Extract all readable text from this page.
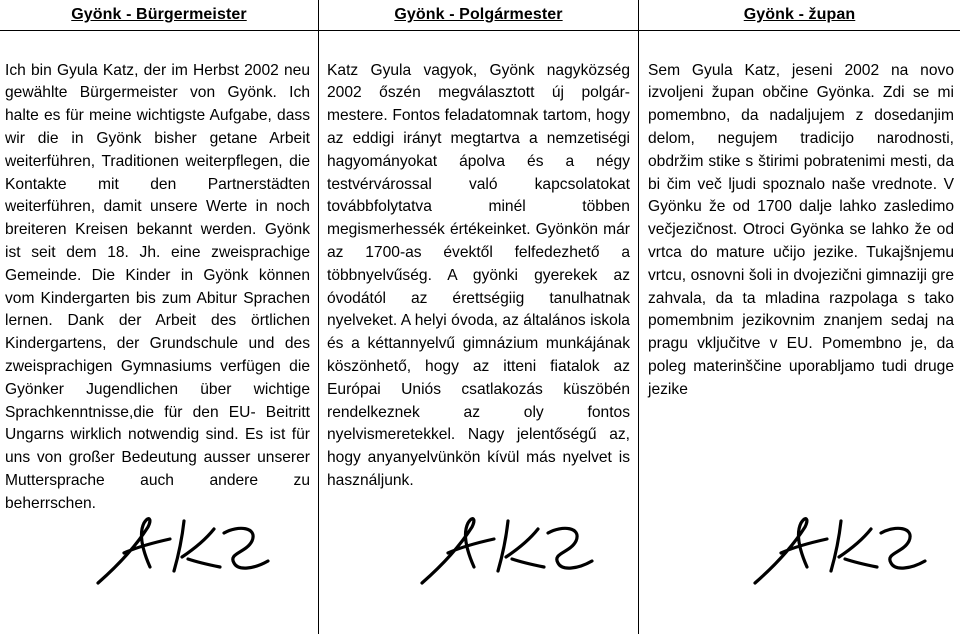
Gyönk - Bürgermeister

Ich bin Gyula Katz, der im Herbst 2002 neu gewählte Bürgermeister von Gyönk. Ich halte es für meine wichtigste Aufgabe, dass wir die in Gyönk bisher getane Arbeit weiterführen, Traditionen weiterpflegen, die Kontakte mit den Partnerstädten weiterführen, damit unsere Werte in noch breiteren Kreisen bekannt werden. Gyönk ist seit dem 18. Jh. eine zweisprachige Gemeinde. Die Kinder in Gyönk können vom Kindergarten bis zum Abitur Sprachen lernen. Dank der Arbeit des örtlichen Kindergartens, der Grundschule und des zweisprachigen Gymnasiums verfügen die Gyönker Jugendlichen über wichtige Sprachkenntnisse,die für den EU- Beitritt Ungarns wirklich notwendig sind. Es ist für uns von großer Bedeutung ausser unserer Muttersprache auch andere zu beherrschen.

Gyönk - Polgármester

Katz Gyula vagyok, Gyönk nagyközség 2002 őszén megválasztott új polgár-mestere. Fontos feladatomnak tartom, hogy az eddigi irányt megtartva a nemzetiségi hagyományokat ápolva és a négy testvérvárossal való kapcsolatokat továbbfolytatva minél többen megismerhessék értékeinket. Gyönkön már az 1700-as évektől felfedezhető a többnyelvűség. A gyönki gyerekek az óvodától az érettségiig tanulhatnak nyelveket. A helyi óvoda, az általános iskola és a kéttannyelvű gimnázium munkájának köszönhető, hogy az itteni fiatalok az Európai Uniós csatlakozás küszöbén rendelkeznek az oly fontos nyelvismeretekkel. Nagy jelentőségű az, hogy anyanyelvünkön kívül más nyelvet is használjunk.

Gyönk - župan

Sem Gyula Katz, jeseni 2002 na novo izvoljeni župan občine Gyönka. Zdi se mi pomembno, da nadaljujem z dosedanjim delom, negujem tradicijo narodnosti, obdržim stike s štirimi pobratenimi mesti, da bi čim več ljudi spoznalo naše vrednote. V Gyönku že od 1700 dalje lahko zasledimo večjezičnost. Otroci Gyönka se lahko že od vrtca do mature učijo jezike. Tukajšnjemu vrtcu, osnovni šoli in dvojezični gimnaziji gre zahvala, da ta mladina razpolaga s tako pomembnim jezikovnim znanjem sedaj na pragu vključitve v EU. Pomembno je, da poleg materinščine uporabljamo tudi druge jezike
